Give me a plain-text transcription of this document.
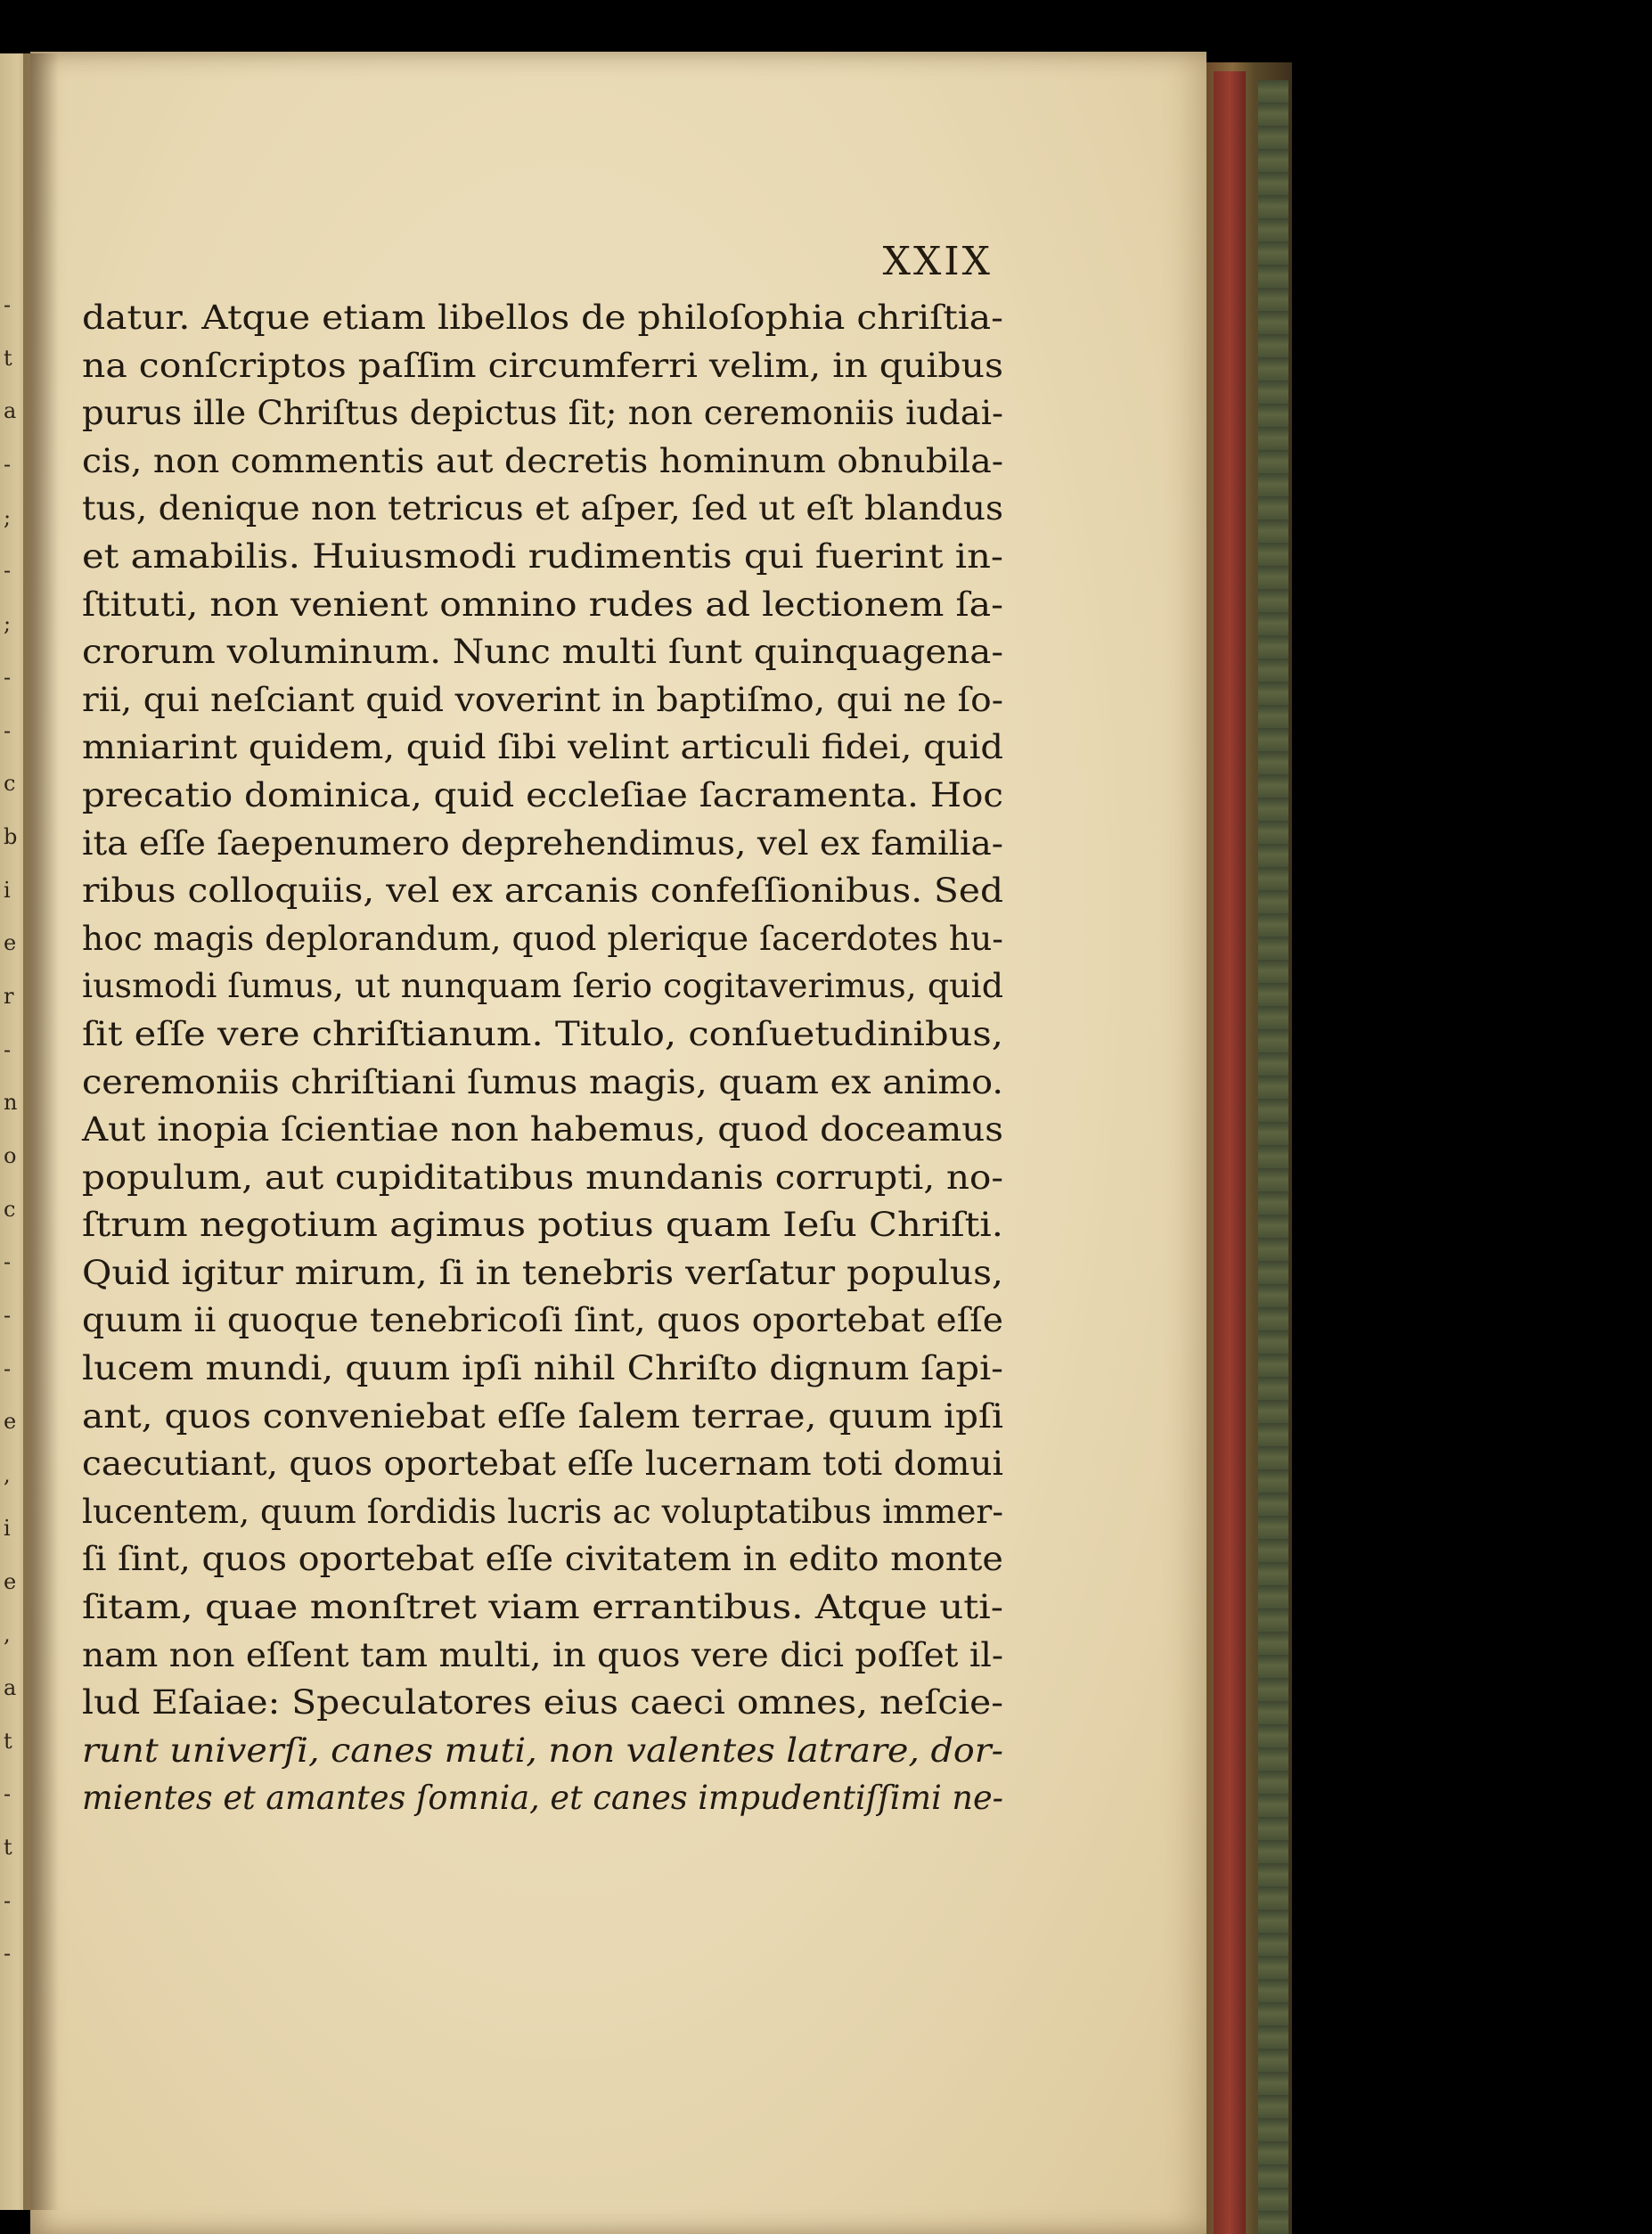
-
t
a
-
;
-
;
-
-
c
b
i
e
r
-
n
o
c
-
-
-
e
,
i
e
,
a
t
-
t
-
-
XXIX
datur. Atque etiam libellos de philoſophia chriſtia-
na conſcriptos paſſim circumferri velim, in quibus
purus ille Chriſtus depictus ſit; non ceremoniis iudai-
cis, non commentis aut decretis hominum obnubila-
tus, denique non tetricus et aſper, ſed ut eſt blandus
et amabilis. Huiusmodi rudimentis qui fuerint in-
ſtituti, non venient omnino rudes ad lectionem ſa-
crorum voluminum. Nunc multi ſunt quinquagena-
rii, qui neſciant quid voverint in baptiſmo, qui ne ſo-
mniarint quidem, quid ſibi velint articuli fidei, quid
precatio dominica, quid eccleſiae ſacramenta. Hoc
ita eſſe ſaepenumero deprehendimus, vel ex familia-
ribus colloquiis, vel ex arcanis confeſſionibus. Sed
hoc magis deplorandum, quod plerique ſacerdotes hu-
iusmodi ſumus, ut nunquam ſerio cogitaverimus, quid
ſit eſſe vere chriſtianum. Titulo, conſuetudinibus,
ceremoniis chriſtiani ſumus magis, quam ex animo.
Aut inopia ſcientiae non habemus, quod doceamus
populum, aut cupiditatibus mundanis corrupti, no-
ſtrum negotium agimus potius quam Ieſu Chriſti.
Quid igitur mirum, ſi in tenebris verſatur populus,
quum ii quoque tenebricoſi ſint, quos oportebat eſſe
lucem mundi, quum ipſi nihil Chriſto dignum ſapi-
ant, quos conveniebat eſſe ſalem terrae, quum ipſi
caecutiant, quos oportebat eſſe lucernam toti domui
lucentem, quum ſordidis lucris ac voluptatibus immer-
ſi ſint, quos oportebat eſſe civitatem in edito monte
ſitam, quae monſtret viam errantibus. Atque uti-
nam non eſſent tam multi, in quos vere dici poſſet il-
lud Eſaiae: Speculatores eius caeci omnes, neſcie-
runt univerſi, canes muti, non valentes latrare, dor-
mientes et amantes ſomnia, et canes impudentiſſimi ne-
